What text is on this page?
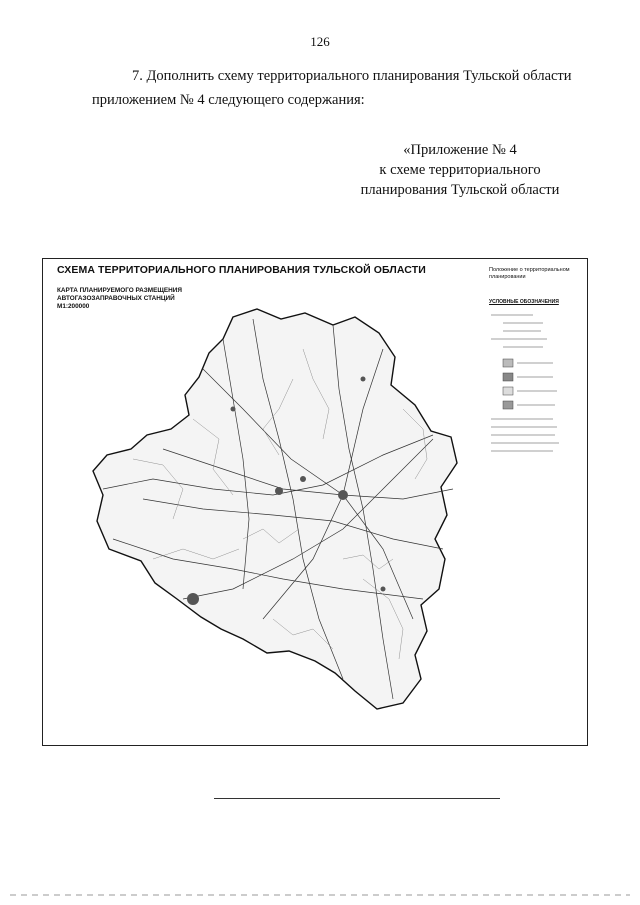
126
7. Дополнить схему территориального планирования Тульской области
приложением № 4 следующего содержания:
«Приложение № 4
к схеме территориального
планирования Тульской области
СХЕМА ТЕРРИТОРИАЛЬНОГО ПЛАНИРОВАНИЯ ТУЛЬСКОЙ ОБЛАСТИ
КАРТА ПЛАНИРУЕМОГО РАЗМЕЩЕНИЯ
АВТОГАЗОЗАПРАВОЧНЫХ СТАНЦИЙ
М1:200000
Положение о территориальном планировании
УСЛОВНЫЕ ОБОЗНАЧЕНИЯ
